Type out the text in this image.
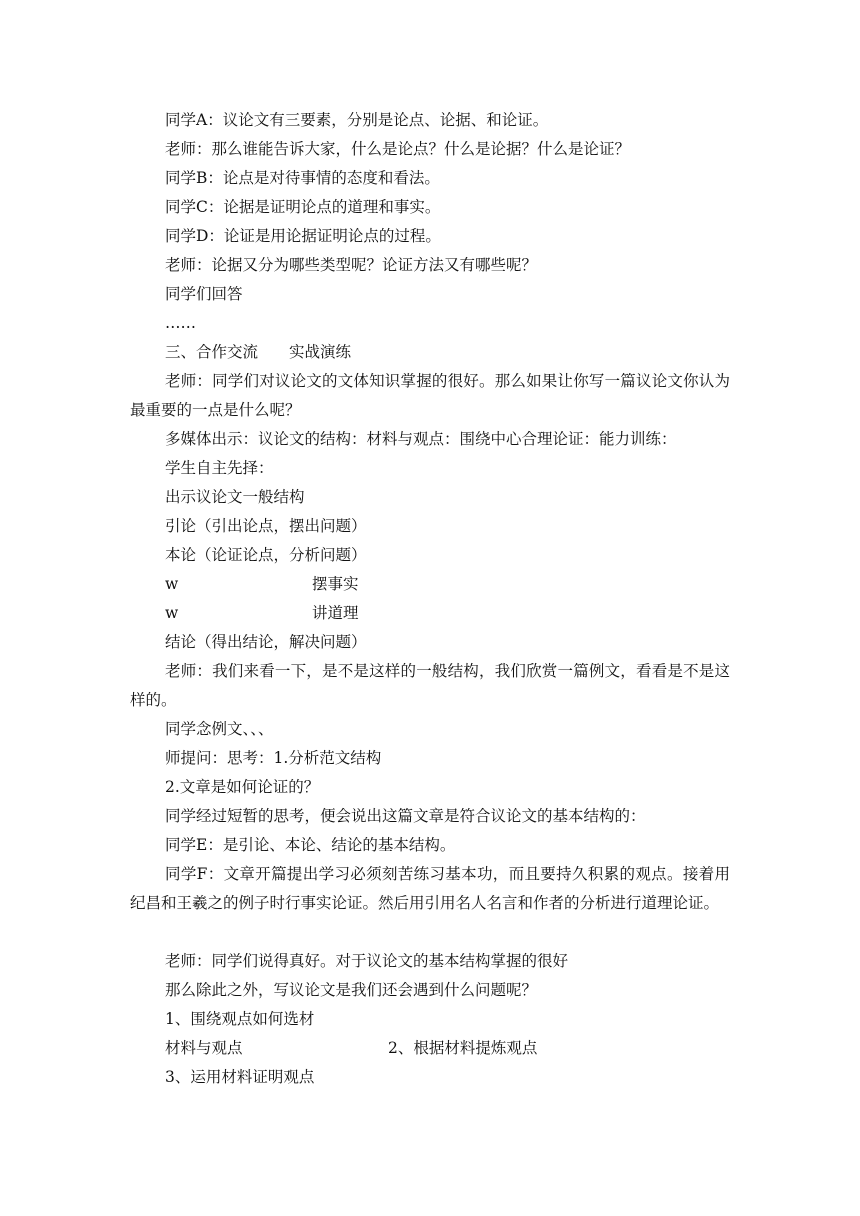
同学A：议论文有三要素，分别是论点、论据、和论证。
老师：那么谁能告诉大家，什么是论点？什么是论据？什么是论证？
同学B：论点是对待事情的态度和看法。
同学C：论据是证明论点的道理和事实。
同学D：论证是用论据证明论点的过程。
老师：论据又分为哪些类型呢？论证方法又有哪些呢？
同学们回答
……
三、合作交流　　实战演练
老师：同学们对议论文的文体知识掌握的很好。那么如果让你写一篇议论文你认为最重要的一点是什么呢？
多媒体出示：议论文的结构：材料与观点：围绕中心合理论证：能力训练：
学生自主先择：
出示议论文一般结构
引论（引出论点，摆出问题）
本论（论证论点，分析问题）
w	摆事实
w	讲道理
结论（得出结论，解决问题）
老师：我们来看一下，是不是这样的一般结构，我们欣赏一篇例文，看看是不是这样的。
同学念例文、、、
师提问：思考：1.分析范文结构
2.文章是如何论证的？
同学经过短暂的思考，便会说出这篇文章是符合议论文的基本结构的：
同学E：是引论、本论、结论的基本结构。
同学F：文章开篇提出学习必须刻苦练习基本功，而且要持久积累的观点。接着用纪昌和王羲之的例子时行事实论证。然后用引用名人名言和作者的分析进行道理论证。
老师：同学们说得真好。对于议论文的基本结构掌握的很好
那么除此之外，写议论文是我们还会遇到什么问题呢？
1、围绕观点如何选材
材料与观点	2、根据材料提炼观点
3、运用材料证明观点
